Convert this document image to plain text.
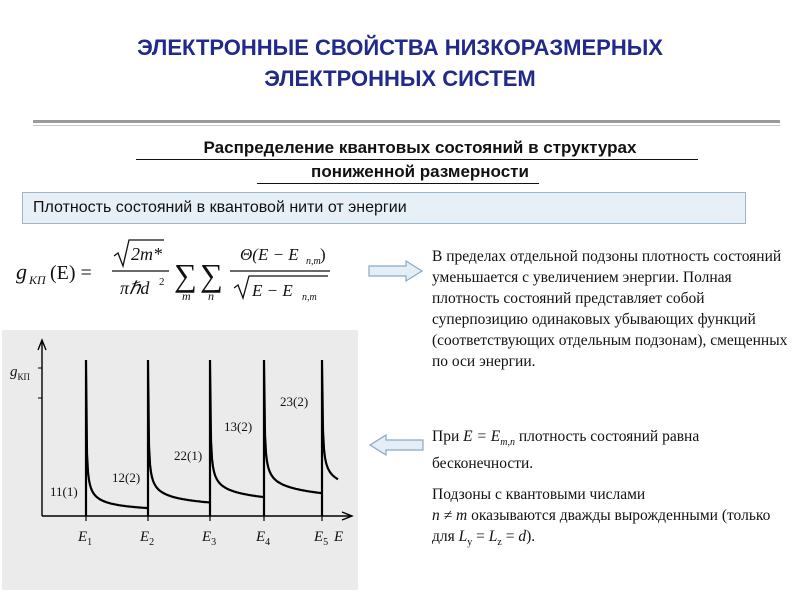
ЭЛЕКТРОННЫЕ СВОЙСТВА НИЗКОРАЗМЕРНЫХ
ЭЛЕКТРОННЫХ СИСТЕМ
Распределение квантовых состояний в структурах
пониженной размерности
Плотность состояний в квантовой нити от энергии
g КП (E) =
2m*
πℏd 2 ∑
m
∑
n
Θ(E − E n,m )
E − E n,m

В пределах отдельной подзоны плотность состояний уменьшается с увеличением энергии. Полная плотность состояний представляет собой суперпозицию одинаковых убывающих функций (соответствующих отдельным подзонам), смещенных по оси энергии.

При $E = E_{m,n}$ плотность состояний равна бесконечности.

Подзоны с квантовыми числами
n ≠ m оказываются дважды вырожденными (только для $L_y = L_z = d$).

$E_1$	$E_2$	$E_3$	$E_4$	$E_5$ E
$g_{КП}$
11(1)
12(2)
22(1)
13(2)
23(2)
